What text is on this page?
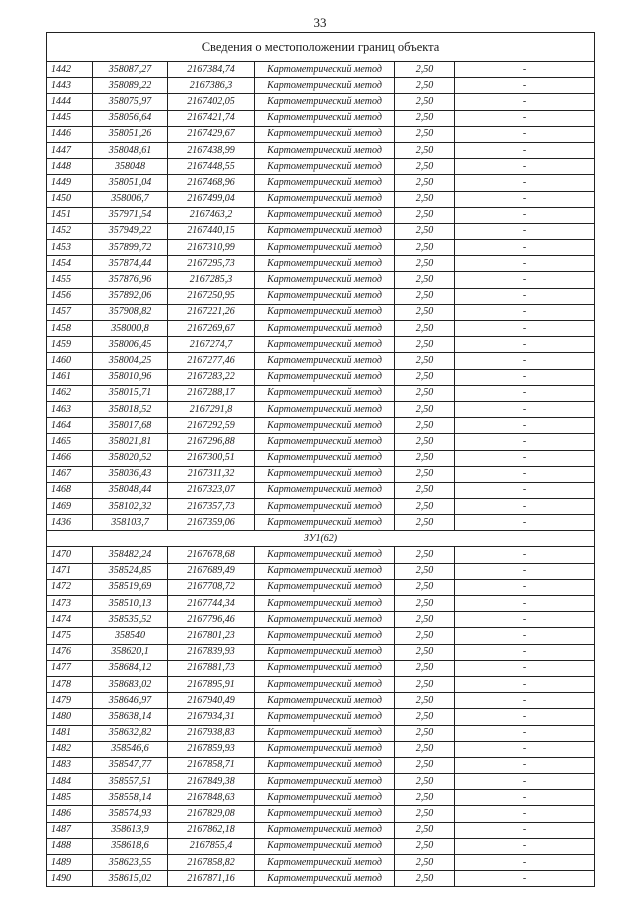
33
Сведения о местоположении границ объекта					
1442	358087,27	2167384,74	Картометрический метод	2,50	-
1443	358089,22	2167386,3	Картометрический метод	2,50	-
1444	358075,97	2167402,05	Картометрический метод	2,50	-
1445	358056,64	2167421,74	Картометрический метод	2,50	-
1446	358051,26	2167429,67	Картометрический метод	2,50	-
1447	358048,61	2167438,99	Картометрический метод	2,50	-
1448	358048	2167448,55	Картометрический метод	2,50	-
1449	358051,04	2167468,96	Картометрический метод	2,50	-
1450	358006,7	2167499,04	Картометрический метод	2,50	-
1451	357971,54	2167463,2	Картометрический метод	2,50	-
1452	357949,22	2167440,15	Картометрический метод	2,50	-
1453	357899,72	2167310,99	Картометрический метод	2,50	-
1454	357874,44	2167295,73	Картометрический метод	2,50	-
1455	357876,96	2167285,3	Картометрический метод	2,50	-
1456	357892,06	2167250,95	Картометрический метод	2,50	-
1457	357908,82	2167221,26	Картометрический метод	2,50	-
1458	358000,8	2167269,67	Картометрический метод	2,50	-
1459	358006,45	2167274,7	Картометрический метод	2,50	-
1460	358004,25	2167277,46	Картометрический метод	2,50	-
1461	358010,96	2167283,22	Картометрический метод	2,50	-
1462	358015,71	2167288,17	Картометрический метод	2,50	-
1463	358018,52	2167291,8	Картометрический метод	2,50	-
1464	358017,68	2167292,59	Картометрический метод	2,50	-
1465	358021,81	2167296,88	Картометрический метод	2,50	-
1466	358020,52	2167300,51	Картометрический метод	2,50	-
1467	358036,43	2167311,32	Картометрический метод	2,50	-
1468	358048,44	2167323,07	Картометрический метод	2,50	-
1469	358102,32	2167357,73	Картометрический метод	2,50	-
1436	358103,7	2167359,06	Картометрический метод	2,50	-
ЗУ1(62)					
1470	358482,24	2167678,68	Картометрический метод	2,50	-
1471	358524,85	2167689,49	Картометрический метод	2,50	-
1472	358519,69	2167708,72	Картометрический метод	2,50	-
1473	358510,13	2167744,34	Картометрический метод	2,50	-
1474	358535,52	2167796,46	Картометрический метод	2,50	-
1475	358540	2167801,23	Картометрический метод	2,50	-
1476	358620,1	2167839,93	Картометрический метод	2,50	-
1477	358684,12	2167881,73	Картометрический метод	2,50	-
1478	358683,02	2167895,91	Картометрический метод	2,50	-
1479	358646,97	2167940,49	Картометрический метод	2,50	-
1480	358638,14	2167934,31	Картометрический метод	2,50	-
1481	358632,82	2167938,83	Картометрический метод	2,50	-
1482	358546,6	2167859,93	Картометрический метод	2,50	-
1483	358547,77	2167858,71	Картометрический метод	2,50	-
1484	358557,51	2167849,38	Картометрический метод	2,50	-
1485	358558,14	2167848,63	Картометрический метод	2,50	-
1486	358574,93	2167829,08	Картометрический метод	2,50	-
1487	358613,9	2167862,18	Картометрический метод	2,50	-
1488	358618,6	2167855,4	Картометрический метод	2,50	-
1489	358623,55	2167858,82	Картометрический метод	2,50	-
1490	358615,02	2167871,16	Картометрический метод	2,50	-
